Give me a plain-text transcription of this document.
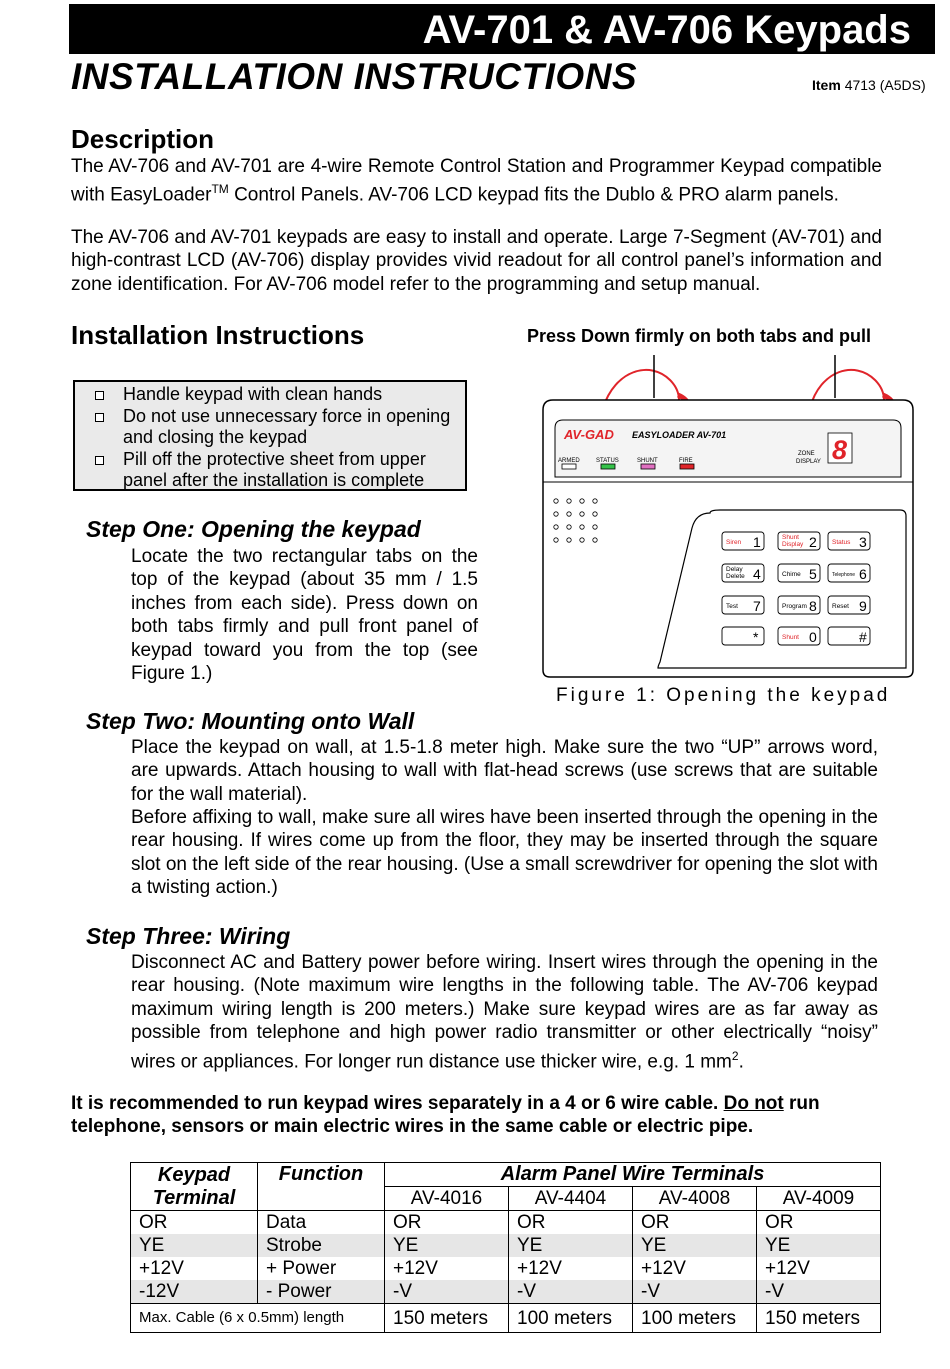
AV-701 & AV-706 Keypads
INSTALLATION INSTRUCTIONS	Item 4713 (A5DS)
Description
The AV-706 and AV-701 are 4-wire Remote Control Station and Programmer Keypad compatible with EasyLoader™ Control Panels. AV-706 LCD keypad fits the Dublo & PRO alarm panels.
The AV-706 and AV-701 keypads are easy to install and operate. Large 7-Segment (AV-701) and high-contrast LCD (AV-706) display provides vivid readout for all control panel’s information and zone identification. For AV-706 model refer to the programming and setup manual.
Installation Instructions	Press Down firmly on both tabs and pull
Handle keypad with clean hands
Do not use unnecessary force in opening and closing the keypad
Pill off the protective sheet from upper panel after the installation is complete
Step One: Opening the keypad
Locate the two rectangular tabs on the top of the keypad (about 35 mm / 1.5 inches from each side). Press down on both tabs firmly and pull front panel of keypad toward you from the top (see Figure 1.)
AV-GAD EASYLOADER AV-701
ARMED	STATUS	SHUNT	FIRE
ZONE
DISPLAY 8
Siren 1	Shunt
Display 2 Status 3
Delay
Delete 4	Chime 5	Telephone 6
Test 7	Program 8 Reset 9
*	Shunt 0	#
Figure 1: Opening the keypad
Step Two: Mounting onto Wall
Place the keypad on wall, at 1.5-1.8 meter high. Make sure the two “UP” arrows word, are upwards. Attach housing to wall with flat-head screws (use screws that are suitable for the wall material).
Before affixing to wall, make sure all wires have been inserted through the opening in the rear housing. If wires come up from the floor, they may be inserted through the square slot on the left side of the rear housing. (Use a small screwdriver for opening the slot with a twisting action.)
Step Three: Wiring
Disconnect AC and Battery power before wiring. Insert wires through the opening in the rear housing. (Note maximum wire lengths in the following table. The AV-706 keypad maximum wiring length is 200 meters.) Make sure keypad wires are as far away as possible from telephone and high power radio transmitter or other electrically “noisy” wires or appliances. For longer run distance use thicker wire, e.g. 1 $mm^2$.
It is recommended to run keypad wires separately in a 4 or 6 wire cable. Do not run telephone, sensors or main electric wires in the same cable or electric pipe.
Keypad	Function	Alarm Panel Wire Terminals			
Terminal		AV-4016	AV-4404	AV-4008	AV-4009
OR	Data	OR	OR	OR	OR
YE	Strobe	YE	YE	YE	YE
+12V	+ Power	+12V	+12V	+12V	+12V
-12V	- Power	-V	-V	-V	-V
Max. Cable (6 x 0.5mm) length		150 meters	100 meters	100 meters	150 meters
